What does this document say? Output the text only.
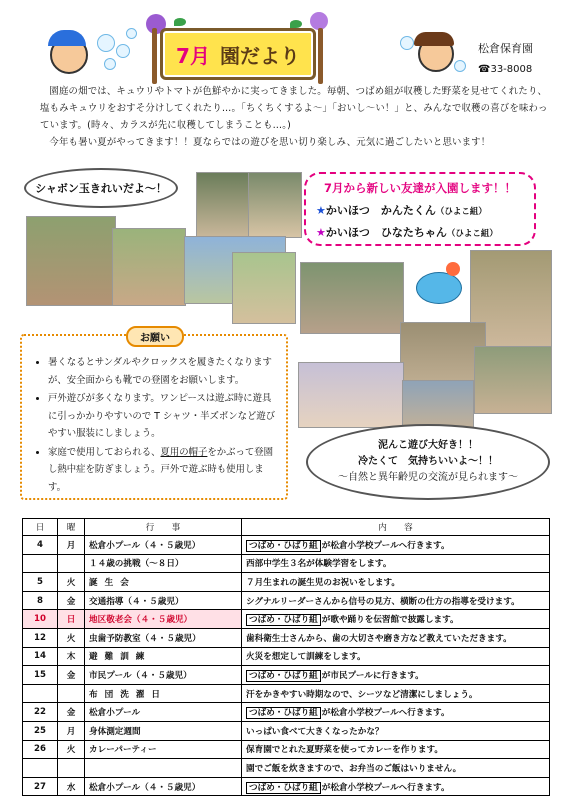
7月 園だより	松倉保育園
☎33-8008

園庭の畑では、キュウリやトマトが色鮮やかに実ってきました。毎朝、つばめ組が収穫した野菜を見せてくれたり、塩もみキュウリをおすそ分けしてくれたり…。「ちくちくするよ～」「おいし～い！」と、みんなで収穫の喜びを味わっています。(時々、カラスが先に収穫してしまうことも…。)

今年も暑い夏がやってきます！！夏ならではの遊びを思い切り楽しみ、元気に過ごしたいと思います！

シャボン玉きれいだよ～！	7月から新しい友達が入園します！！
★かいほつ　かんたくん（ひよこ組）
★かいほつ　ひなたちゃん（ひよこ組）
泥んこ遊び大好き！！
冷たくて　気持ちいいよ～！！
～自然と異年齢児の交流が見られます～
お願い
• 暑くなるとサンダルやクロックスを履きたくなりますが、安全面からも靴での登園をお願いします。
• 戸外遊びが多くなります。ワンピースは遊ぶ時に遊具に引っかかりやすいので T シャツ・半ズボンなど遊びやすい服装にしましょう。
• 家庭で使用しておられる、夏用の帽子をかぶって登園し熱中症を防ぎましょう。戸外で遊ぶ時も使用します。
日	曜	行　　事	内　　容
4	月	松倉小プール（４・５歳児）	つばめ・ひばり組 が松倉小学校プールへ行きます。
		１４歳の挑戦（～８日）	西部中学生３名が体験学習をします。
5	火	誕生会	７月生まれの誕生児のお祝いをします。
8	金	交通指導（４・５歳児）	シグナルリーダーさんから信号の見方、横断の仕方の指導を受けます。
10	日	地区敬老会（４・５歳児）	つばめ・ひばり組 が歌や踊りを伝習館で披露します。
12	火	虫歯予防教室（４・５歳児）	歯科衛生士さんから、歯の大切さや磨き方など教えていただきます。
14	木	避難訓練	火災を想定して訓練をします。
15	金	市民プール（４・５歳児）	つばめ・ひばり組 が市民プールに行きます。
		布団洗濯日	汗をかきやすい時期なので、シーツなど清潔にしましょう。
22	金	松倉小プール	つばめ・ひばり組 が松倉小学校プールへ行きます。
25	月	身体測定週間	いっぱい食べて大きくなったかな？
26	火	カレーパーティー	保育園でとれた夏野菜を使ってカレーを作ります。
			園でご飯を炊きますので、お弁当のご飯はいりません。
27	水	松倉小プール（４・５歳児）	つばめ・ひばり組 が松倉小学校プールへ行きます。
